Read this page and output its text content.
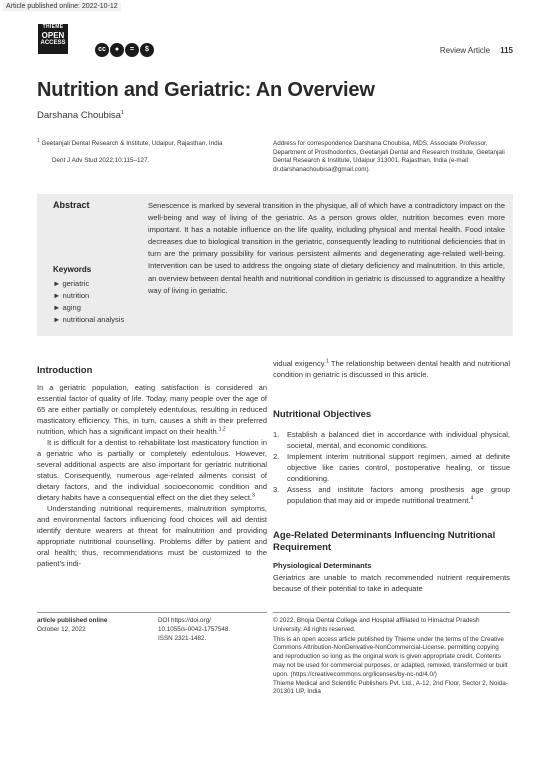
Article published online: 2022-10-12
THIEME
OPEN
ACCESS
cc	●	=	$	Review Article 115
Nutrition and Geriatric: An Overview
Darshana Choubisa$^1$
$^1$ Geetanjali Dental Research & Institute, Udaipur, Rajasthan, India
Dent J Adv Stud 2022;10:115–127.
Address for correspondence Darshana Choubisa, MDS, Associate Professor, Department of Prosthodontics, Geetanjali Dental and Research Institute, Geetanjali Dental Research & Institute, Udaipur 313001, Rajasthan, India (e-mail: dr.darshanachoubisa@gmail.com).
Abstract
Keywords
► geriatric
► nutrition
► aging
► nutritional analysis
Senescence is marked by several transition in the physique, all of which have a contradictory impact on the well-being and way of living of the geriatric. As a person grows older, nutrition becomes even more important. It has a notable influence on the life quality, including physical and mental health. Food intake decreases due to biological transition in the geriatric, consequently leading to nutritional deficiencies that in turn are the primary possibility for various persistent ailments and degenerating age-related well-being. Intervention can be used to address the ongoing state of dietary deficiency and malnutrition. In this article, an overview between dental health and nutritional condition in geriatric is discussed to aggrandize a healthy way of living in geriatric.
Introduction

In a geriatric population, eating satisfaction is considered an essential factor of quality of life. Today, many people over the age of 65 are either partially or completely edentulous, resulting in reduced masticatory efficiency. This, in turn, causes a shift in their preferred nutrition, which has a significant impact on their health.$^{1,2}$

It is difficult for a dentist to rehabilitate lost masticatory function in a geriatric who is partially or completely edentulous. However, several additional aspects are also important for geriatric nutritional status. Consequently, numerous age-related ailments consist of dietary factors, and the individual socioeconomic condition and dietary habits have a consequential effect on the diet they select.$^3$

Understanding nutritional requirements, malnutrition symptoms, and environmental factors influencing food choices will aid dentist identify denture wearers at threat for malnutrition and providing appropriate nutritional counselling. Problems differ by patient and oral health; thus, recommendations must be customized to the patient's indi-

vidual exigency.$^1$ The relationship between dental health and nutritional condition in geriatric is discussed in this article.

Nutritional Objectives
1.	Establish a balanced diet in accordance with individual physical, societal, mental, and economic conditions.
2.	Implement interim nutritional support regimen, aimed at definite objective like caries control, postoperative healing, or tissue conditioning.
3.	Assess and institute factors among prosthesis age group population that may aid or impede nutritional treatment.$^4$
Age-Related Determinants Influencing Nutritional Requirement
Physiological Determinants
Geriatrics are unable to match recommended nutrient requirements because of their potential to take in adequate
article published online
October 12, 2022
DOI https://doi.org/
10.1055/s-0042-1757548.
ISSN 2321-1482.
© 2022. Bhojia Dental College and Hospital affiliated to Himachal Pradesh University. All rights reserved.
This is an open access article published by Thieme under the terms of the Creative Commons Attribution-NonDerivative-NonCommercial-License, permitting copying and reproduction so long as the original work is given appropriate credit. Contents may not be used for commercial purposes, or adapted, remixed, transformed or built upon. (https://creativecommons.org/licenses/by-nc-nd/4.0/)
Thieme Medical and Scientific Publishers Pvt. Ltd., A-12, 2nd Floor, Sector 2, Noida-201301 UP, India
